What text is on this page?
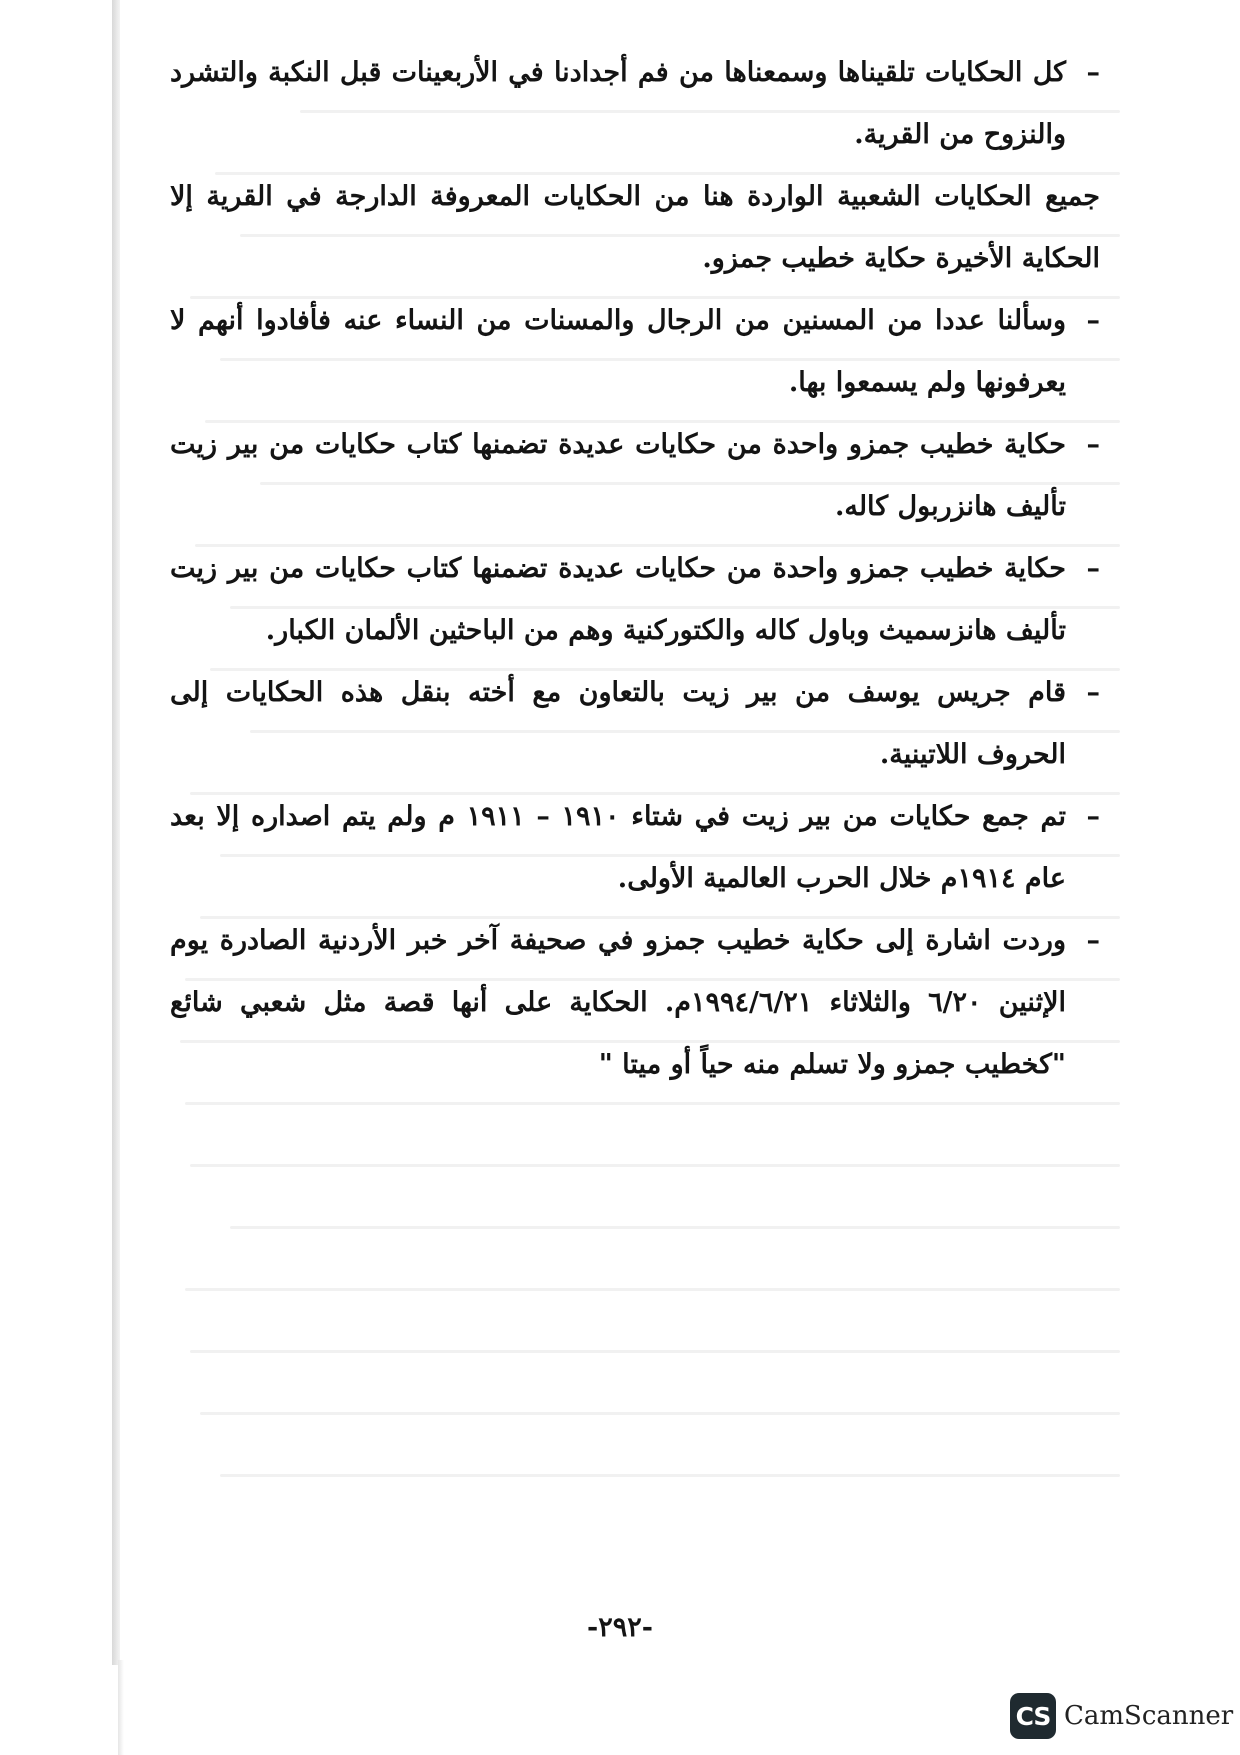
–
كل الحكايات تلقيناها وسمعناها من فم أجدادنا في الأربعينات قبل النكبة والتشرد والنزوح من القرية.

جميع الحكايات الشعبية الواردة هنا من الحكايات المعروفة الدارجة في القرية إلا الحكاية الأخيرة حكاية خطيب جمزو.

–
وسألنا عددا من المسنين من الرجال والمسنات من النساء عنه فأفادوا أنهم لا يعرفونها ولم يسمعوا بها.

–
حكاية خطيب جمزو واحدة من حكايات عديدة تضمنها كتاب حكايات من بير زيت تأليف هانزربول كاله.

–
حكاية خطيب جمزو واحدة من حكايات عديدة تضمنها كتاب حكايات من بير زيت تأليف هانزسميث وباول كاله والكتوركنية وهم من الباحثين الألمان الكبار.

–
قام جريس يوسف من بير زيت بالتعاون مع أخته بنقل هذه الحكايات إلى الحروف اللاتينية.

–
تم جمع حكايات من بير زيت في شتاء ١٩١٠ – ١٩١١ م ولم يتم اصداره إلا بعد عام ١٩١٤م خلال الحرب العالمية الأولى.

–
وردت اشارة إلى حكاية خطيب جمزو في صحيفة آخر خبر الأردنية الصادرة يوم الإثنين ٦/٢٠ والثلاثاء ١٩٩٤/٦/٢١م. الحكاية على أنها قصة مثل شعبي شائع "كخطيب جمزو ولا تسلم منه حياً أو ميتا "

-٢٩٢-
CS CamScanner
